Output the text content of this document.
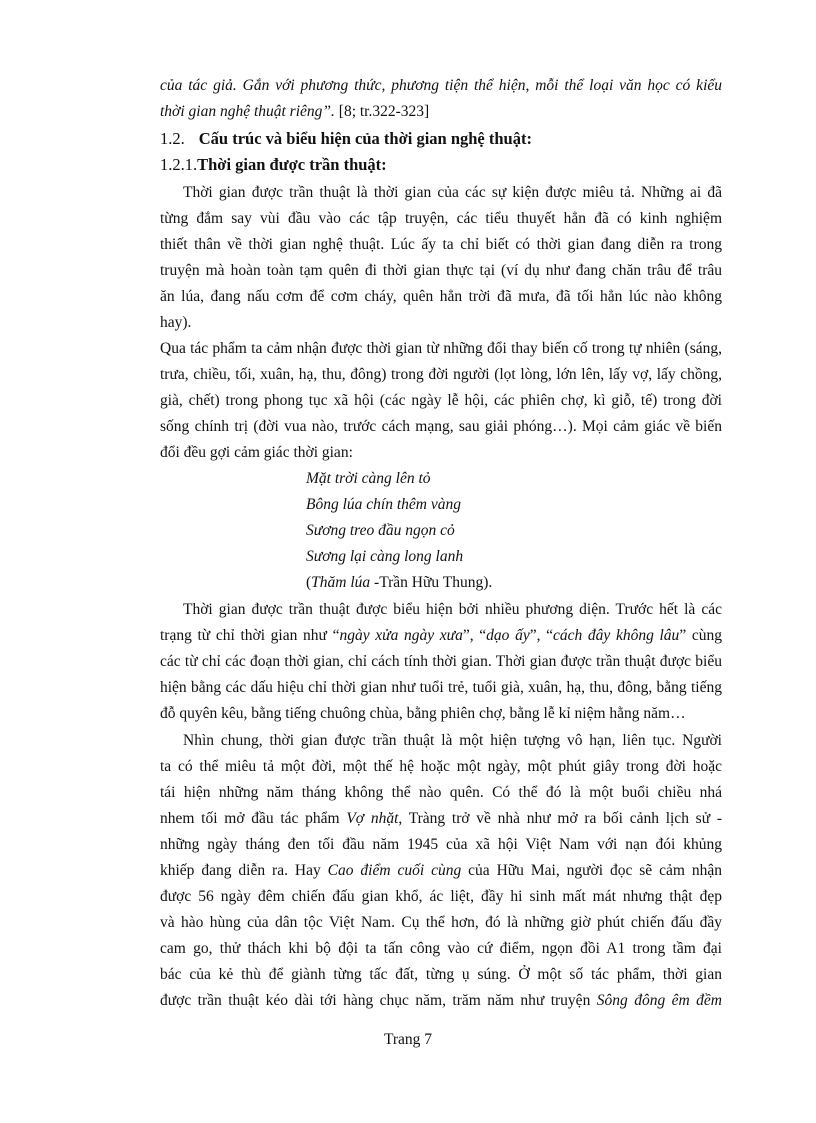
của tác giả. Gắn với phương thức, phương tiện thể hiện, mỗi thể loại văn học có kiểu
thời gian nghệ thuật riêng”. [8; tr.322-323]
1.2. Cấu trúc và biểu hiện của thời gian nghệ thuật:
1.2.1.Thời gian được trần thuật:
Thời gian được trần thuật là thời gian của các sự kiện được miêu tả. Những ai đã
từng đắm say vùi đầu vào các tập truyện, các tiểu thuyết hẳn đã có kinh nghiệm
thiết thân về thời gian nghệ thuật. Lúc ấy ta chỉ biết có thời gian đang diễn ra trong
truyện mà hoàn toàn tạm quên đi thời gian thực tại (ví dụ như đang chăn trâu để trâu
ăn lúa, đang nấu cơm để cơm cháy, quên hẳn trời đã mưa, đã tối hẳn lúc nào không
hay).
Qua tác phẩm ta cảm nhận được thời gian từ những đổi thay biến cố trong tự nhiên (sáng,
trưa, chiều, tối, xuân, hạ, thu, đông) trong đời người (lọt lòng, lớn lên, lấy vợ, lấy chồng,
già, chết) trong phong tục xã hội (các ngày lễ hội, các phiên chợ, kì giỗ, tế) trong đời
sống chính trị (đời vua nào, trước cách mạng, sau giải phóng…). Mọi cảm giác về biến
đổi đều gợi cảm giác thời gian:
Mặt trời càng lên tỏ
Bông lúa chín thêm vàng
Sương treo đầu ngọn cỏ
Sương lại càng long lanh
(Thăm lúa -Trần Hữu Thung).
Thời gian được trần thuật được biểu hiện bởi nhiều phương diện. Trước hết là các
trạng từ chỉ thời gian như “ngày xửa ngày xưa”, “dạo ấy”, “cách đây không lâu” cùng
các từ chỉ các đoạn thời gian, chỉ cách tính thời gian. Thời gian được trần thuật được biểu
hiện bằng các dấu hiệu chỉ thời gian như tuổi trẻ, tuổi già, xuân, hạ, thu, đông, bằng tiếng
đỗ quyên kêu, bằng tiếng chuông chùa, bằng phiên chợ, bằng lễ kỉ niệm hằng năm…
Nhìn chung, thời gian được trần thuật là một hiện tượng vô hạn, liên tục. Người
ta có thể miêu tả một đời, một thế hệ hoặc một ngày, một phút giây trong đời hoặc
tái hiện những năm tháng không thể nào quên. Có thể đó là một buổi chiều nhá
nhem tối mở đầu tác phẩm Vợ nhặt, Tràng trở về nhà như mở ra bối cảnh lịch sử -
những ngày tháng đen tối đầu năm 1945 của xã hội Việt Nam với nạn đói khủng
khiếp đang diễn ra. Hay Cao điểm cuối cùng của Hữu Mai, người đọc sẽ cảm nhận
được 56 ngày đêm chiến đấu gian khổ, ác liệt, đầy hi sinh mất mát nhưng thật đẹp
và hào hùng của dân tộc Việt Nam. Cụ thể hơn, đó là những giờ phút chiến đấu đầy
cam go, thử thách khi bộ đội ta tấn công vào cứ điểm, ngọn đồi A1 trong tầm đại
bác của kẻ thù để giành từng tấc đất, từng ụ súng. Ở một số tác phẩm, thời gian
được trần thuật kéo dài tới hàng chục năm, trăm năm như truyện Sông đông êm đềm
Trang 7
